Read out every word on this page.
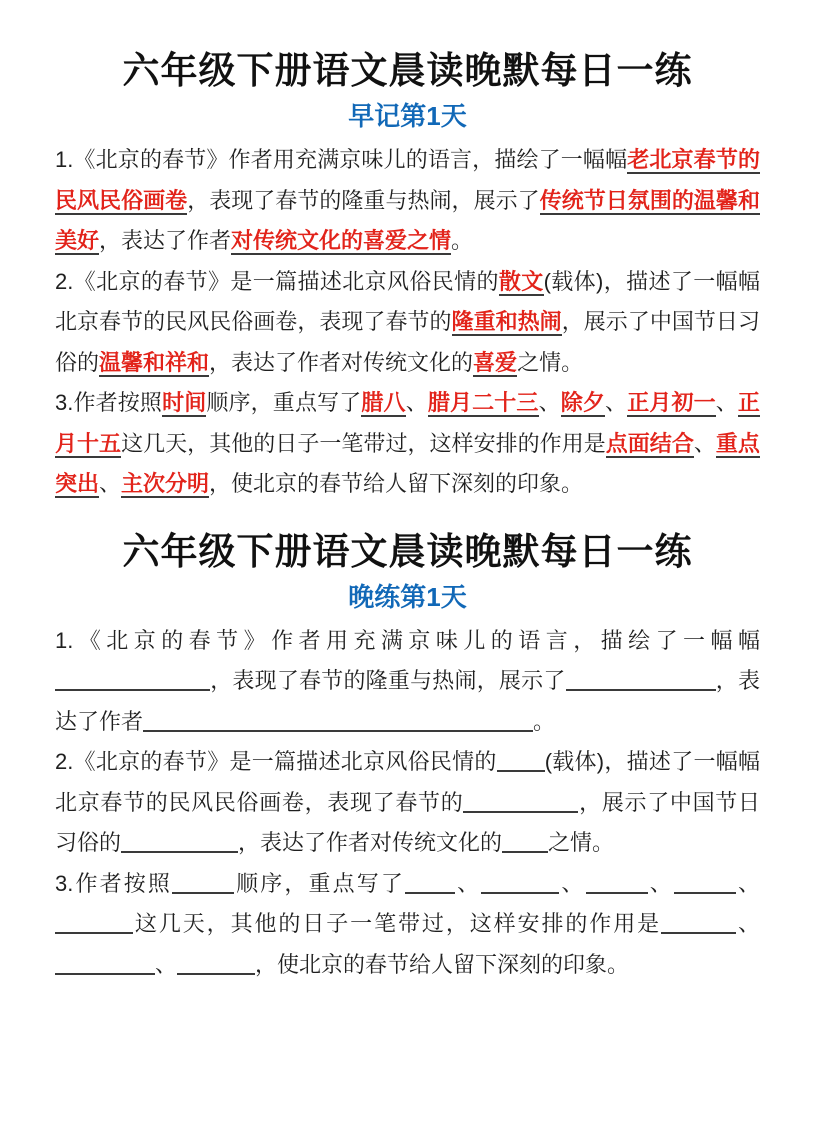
六年级下册语文晨读晚默每日一练
早记第1天

1.《北京的春节》作者用充满京味儿的语言，描绘了一幅幅老北京春节的民风民俗画卷，表现了春节的隆重与热闹，展示了传统节日氛围的温馨和美好，表达了作者对传统文化的喜爱之情。

2.《北京的春节》是一篇描述北京风俗民情的散文(载体)，描述了一幅幅北京春节的民风民俗画卷，表现了春节的隆重和热闹，展示了中国节日习俗的温馨和祥和，表达了作者对传统文化的喜爱之情。

3.作者按照时间顺序，重点写了腊八、腊月二十三、除夕、正月初一、正月十五这几天，其他的日子一笔带过，这样安排的作用是点面结合、重点突出、主次分明，使北京的春节给人留下深刻的印象。

六年级下册语文晨读晚默每日一练
晚练第1天

1.《北京的春节》作者用充满京味儿的语言，描绘了一幅幅，表现了春节的隆重与热闹，展示了	，表达了作者	。

2.《北京的春节》是一篇描述北京风俗民情的 (载体)，描述了一幅幅北京春节的民风民俗画卷，表现了春节的	，展示了中国节日习俗的	，表达了作者对传统文化的 之情。

3.作者按照	顺序，重点写了 、	、	、	、这几天，其他的日子一笔带过，这样安排的作用是	、、	，使北京的春节给人留下深刻的印象。
